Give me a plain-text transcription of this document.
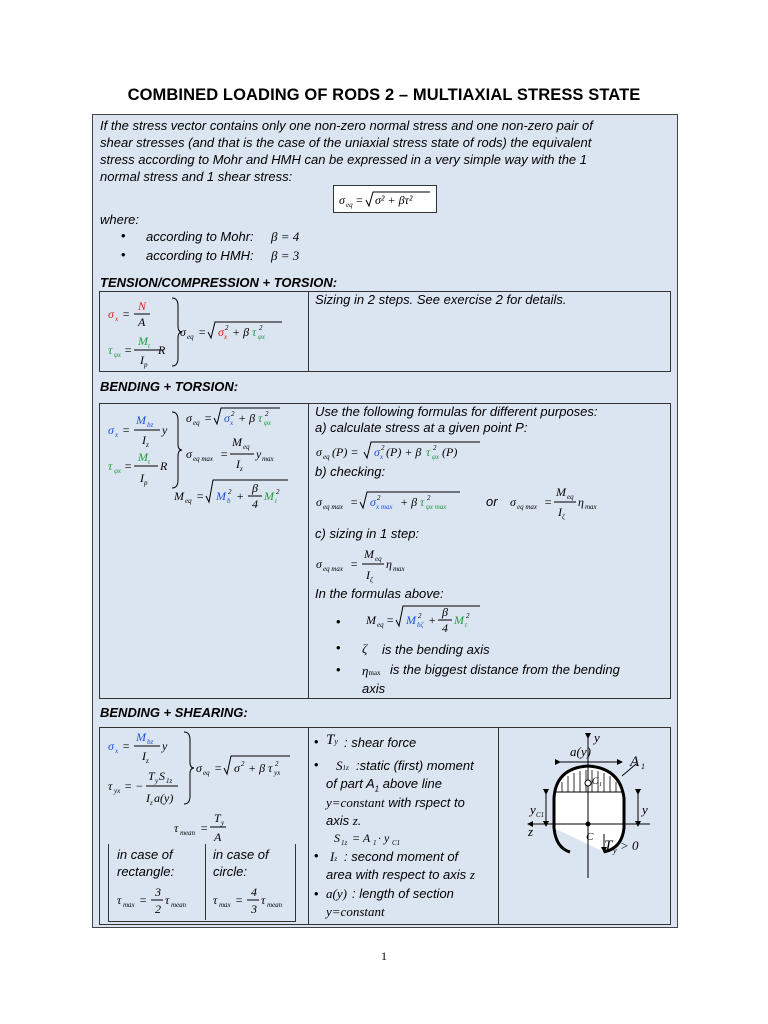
COMBINED LOADING OF RODS 2 – MULTIAXIAL STRESS STATE
If the stress vector contains only one non-zero normal stress and one non-zero pair of
shear stresses (and that is the case of the uniaxial stress state of rods) the equivalent
stress according to Mohr and HMH can be expressed in a very simple way with the 1
normal stress and 1 shear stress:
σ eq = σ² + βτ²
where:
• according to Mohr: β = 4
• according to HMH: β = 3
TENSION/COMPRESSION + TORSION:
σ x =
N
A
τ φx =
M t
I p
R
σ eq = σ 2
x + β τ 2
φx
Sizing in 2 steps. See exercise 2 for details.
BENDING + TORSION:
σ x =
M bz
I z
y
τ φx =
M t
I p
R
σ eq = σ x
2 + β τ φx
2
σ eq max =
M eq
I z
y max
M eq = M b
2 +
β
4
M t
2
Use the following formulas for different purposes:
a) calculate stress at a given point P:
σ eq (P) = σ x
2 (P) + β τ φx
2 (P)
b) checking:
σ eq max = σ x max
2 + β τ φx max
2	or σ eq max =
M eq
I ζ
η max
c) sizing in 1 step:
σ eq max =
M eq
I ζ
η max
In the formulas above:
• M eq = M bζ
2 +
β
4
M t
2
• ζ is the bending axis
• ηmax is the biggest distance from the bending
axis
BENDING + SHEARING:
σ x =
M bz
I z
y
τ yx = −
T y S 1z
I z a(y)
σ eq = σ 2 + β τ 2
yx
τ mean =
T y
A
in case of
rectangle:
in case of
circle:
τ max =
3
2
τ mean τ max =
4
3
τ mean
• Ty : shear force
• S1z :static (first) moment
of part $A_1$ above line
y=constant with rspect to
axis z.
S 1z = A 1 · y C1
• Iz : second moment of
area with respect to axis z
• a(y) : length of section
y=constant
y
a(y)
A 1
C 1
z
y C1	y
C
T y > 0
1
